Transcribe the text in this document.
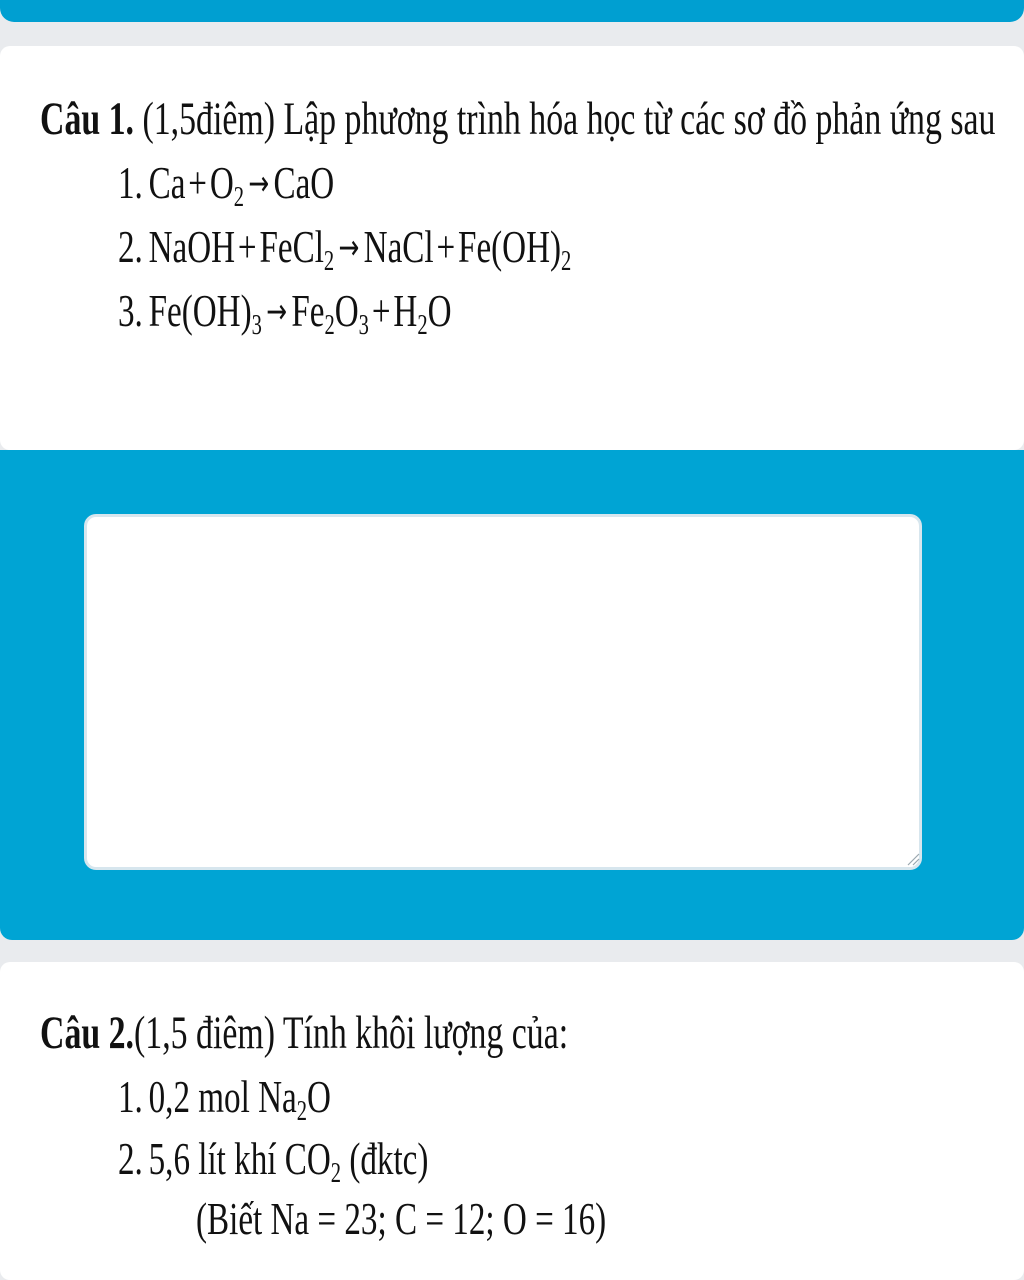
Câu 1. (1,5điêm) Lập phương trình hóa học từ các sơ đồ phản ứng sau
1. $Ca+O_2 \to CaO$
2. NaOH+FeCl$_2$ $\to NaCl+Fe(OH)_2$
3. $Fe(OH)_3 \to Fe_2O_3+H_2O$
Câu 2.(1,5 điêm) Tính khôi lượng của:
1. 0,2 mol $Na_2O$
2. 5,6 lít khí $CO_2$ (đktc)
(Biết Na = 23; C = 12; O = 16)
